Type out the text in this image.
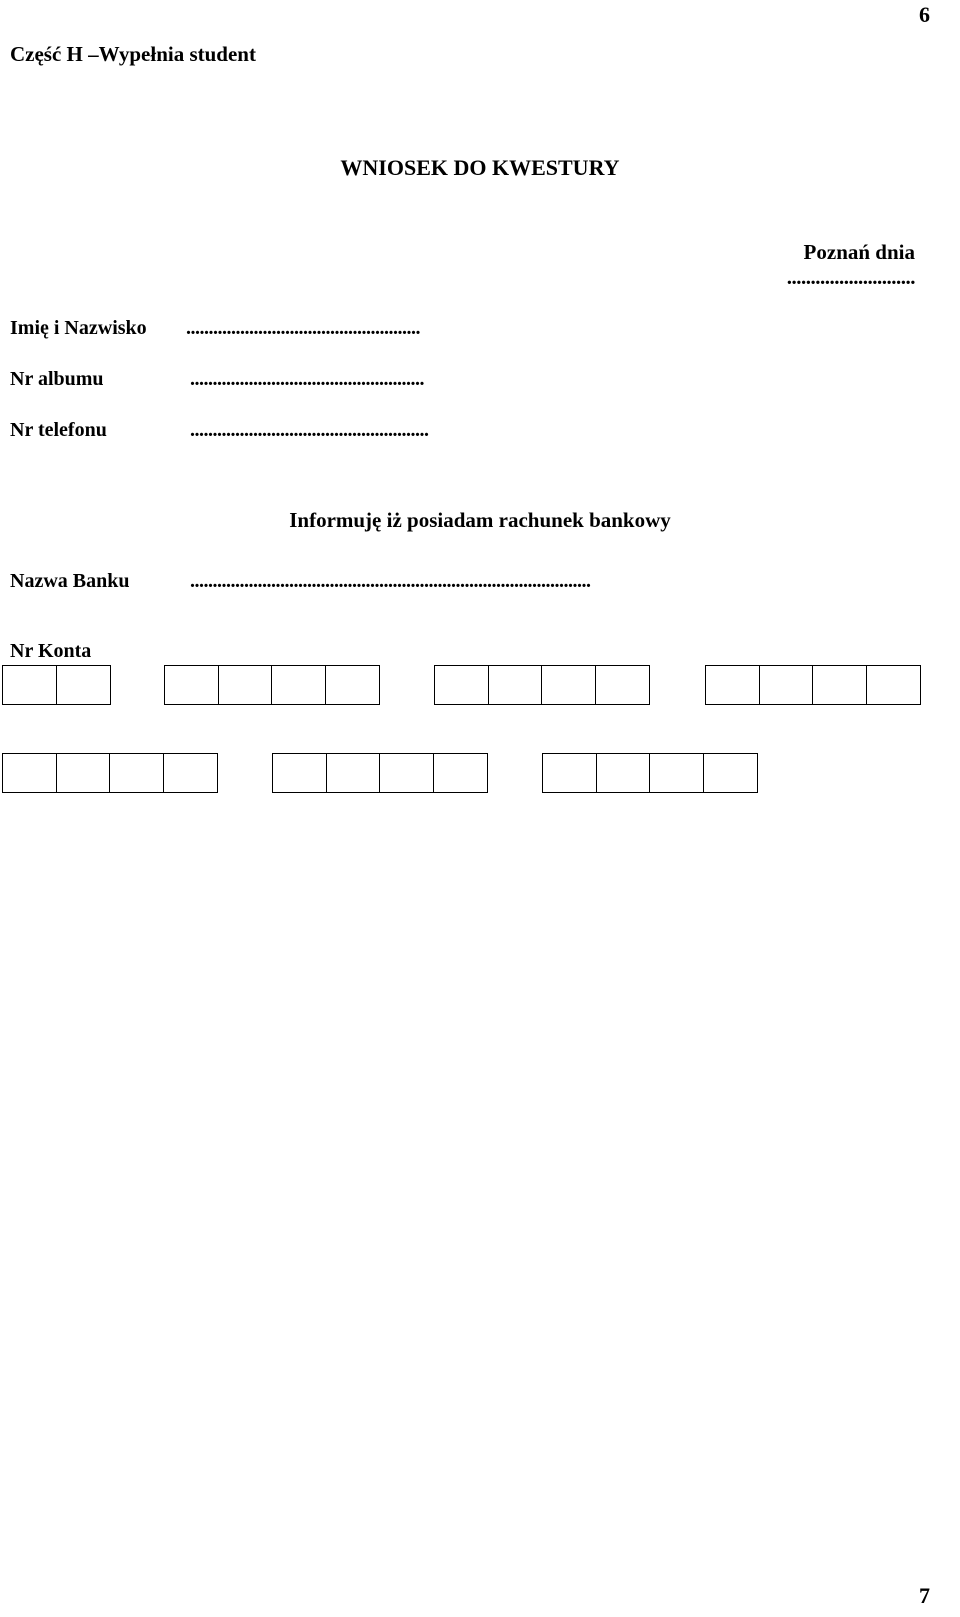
6
Część H –Wypełnia student
WNIOSEK DO KWESTURY
Poznań dnia
...........................
Imię i Nazwisko ....................................................
Nr albumu	....................................................
Nr telefonu	.....................................................
Informuję iż posiadam rachunek bankowy
Nazwa Banku	.........................................................................................
Nr Konta
7
